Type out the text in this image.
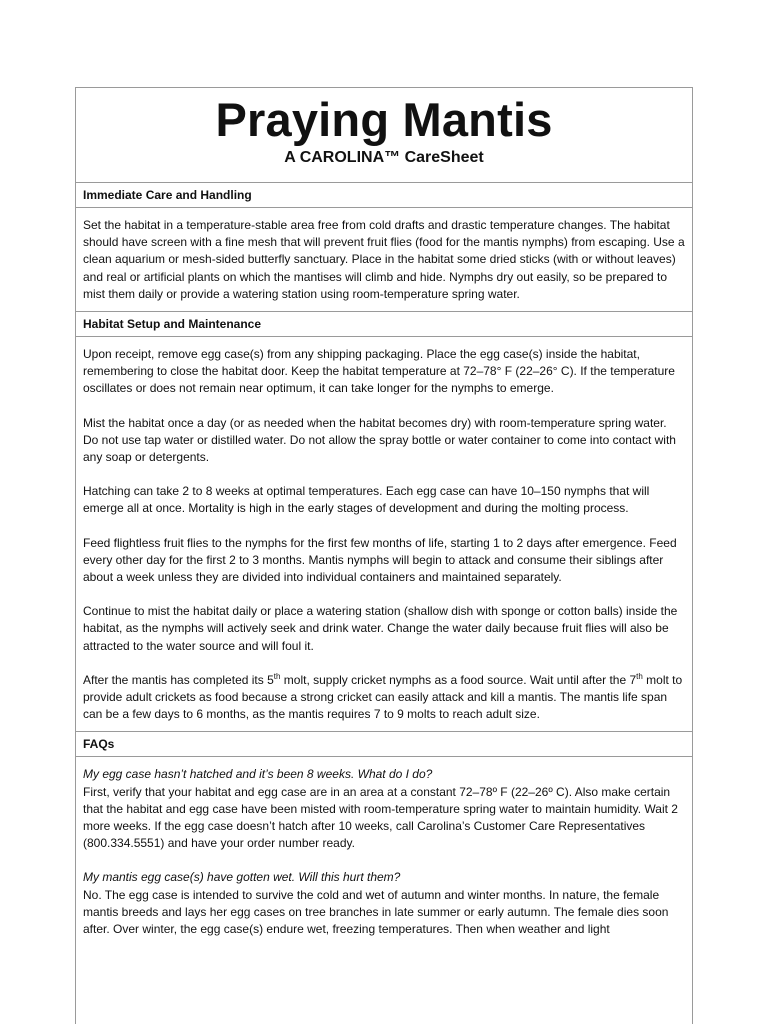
Praying Mantis
A CAROLINA™ CareSheet
Immediate Care and Handling

Set the habitat in a temperature-stable area free from cold drafts and drastic temperature changes. The habitat should have screen with a fine mesh that will prevent fruit flies (food for the mantis nymphs) from escaping. Use a clean aquarium or mesh-sided butterfly sanctuary. Place in the habitat some dried sticks (with or without leaves) and real or artificial plants on which the mantises will climb and hide. Nymphs dry out easily, so be prepared to mist them daily or provide a watering station using room-temperature spring water.

Habitat Setup and Maintenance

Upon receipt, remove egg case(s) from any shipping packaging. Place the egg case(s) inside the habitat, remembering to close the habitat door. Keep the habitat temperature at 72–78° F (22–26° C). If the temperature oscillates or does not remain near optimum, it can take longer for the nymphs to emerge.

Mist the habitat once a day (or as needed when the habitat becomes dry) with room-temperature spring water. Do not use tap water or distilled water. Do not allow the spray bottle or water container to come into contact with any soap or detergents.

Hatching can take 2 to 8 weeks at optimal temperatures. Each egg case can have 10–150 nymphs that will emerge all at once. Mortality is high in the early stages of development and during the molting process.

Feed flightless fruit flies to the nymphs for the first few months of life, starting 1 to 2 days after emergence. Feed every other day for the first 2 to 3 months. Mantis nymphs will begin to attack and consume their siblings after about a week unless they are divided into individual containers and maintained separately.

Continue to mist the habitat daily or place a watering station (shallow dish with sponge or cotton balls) inside the habitat, as the nymphs will actively seek and drink water. Change the water daily because fruit flies will also be attracted to the water source and will foul it.

After the mantis has completed its 5th molt, supply cricket nymphs as a food source. Wait until after the 7th molt to provide adult crickets as food because a strong cricket can easily attack and kill a mantis. The mantis life span can be a few days to 6 months, as the mantis requires 7 to 9 molts to reach adult size.

FAQs
My egg case hasn’t hatched and it’s been 8 weeks. What do I do?
First, verify that your habitat and egg case are in an area at a constant 72–78º F (22–26º C). Also make certain that the habitat and egg case have been misted with room-temperature spring water to maintain humidity. Wait 2 more weeks. If the egg case doesn’t hatch after 10 weeks, call Carolina’s Customer Care Representatives (800.334.5551) and have your order number ready.
My mantis egg case(s) have gotten wet. Will this hurt them?
No. The egg case is intended to survive the cold and wet of autumn and winter months. In nature, the female mantis breeds and lays her egg cases on tree branches in late summer or early autumn. The female dies soon after. Over winter, the egg case(s) endure wet, freezing temperatures. Then when weather and light
